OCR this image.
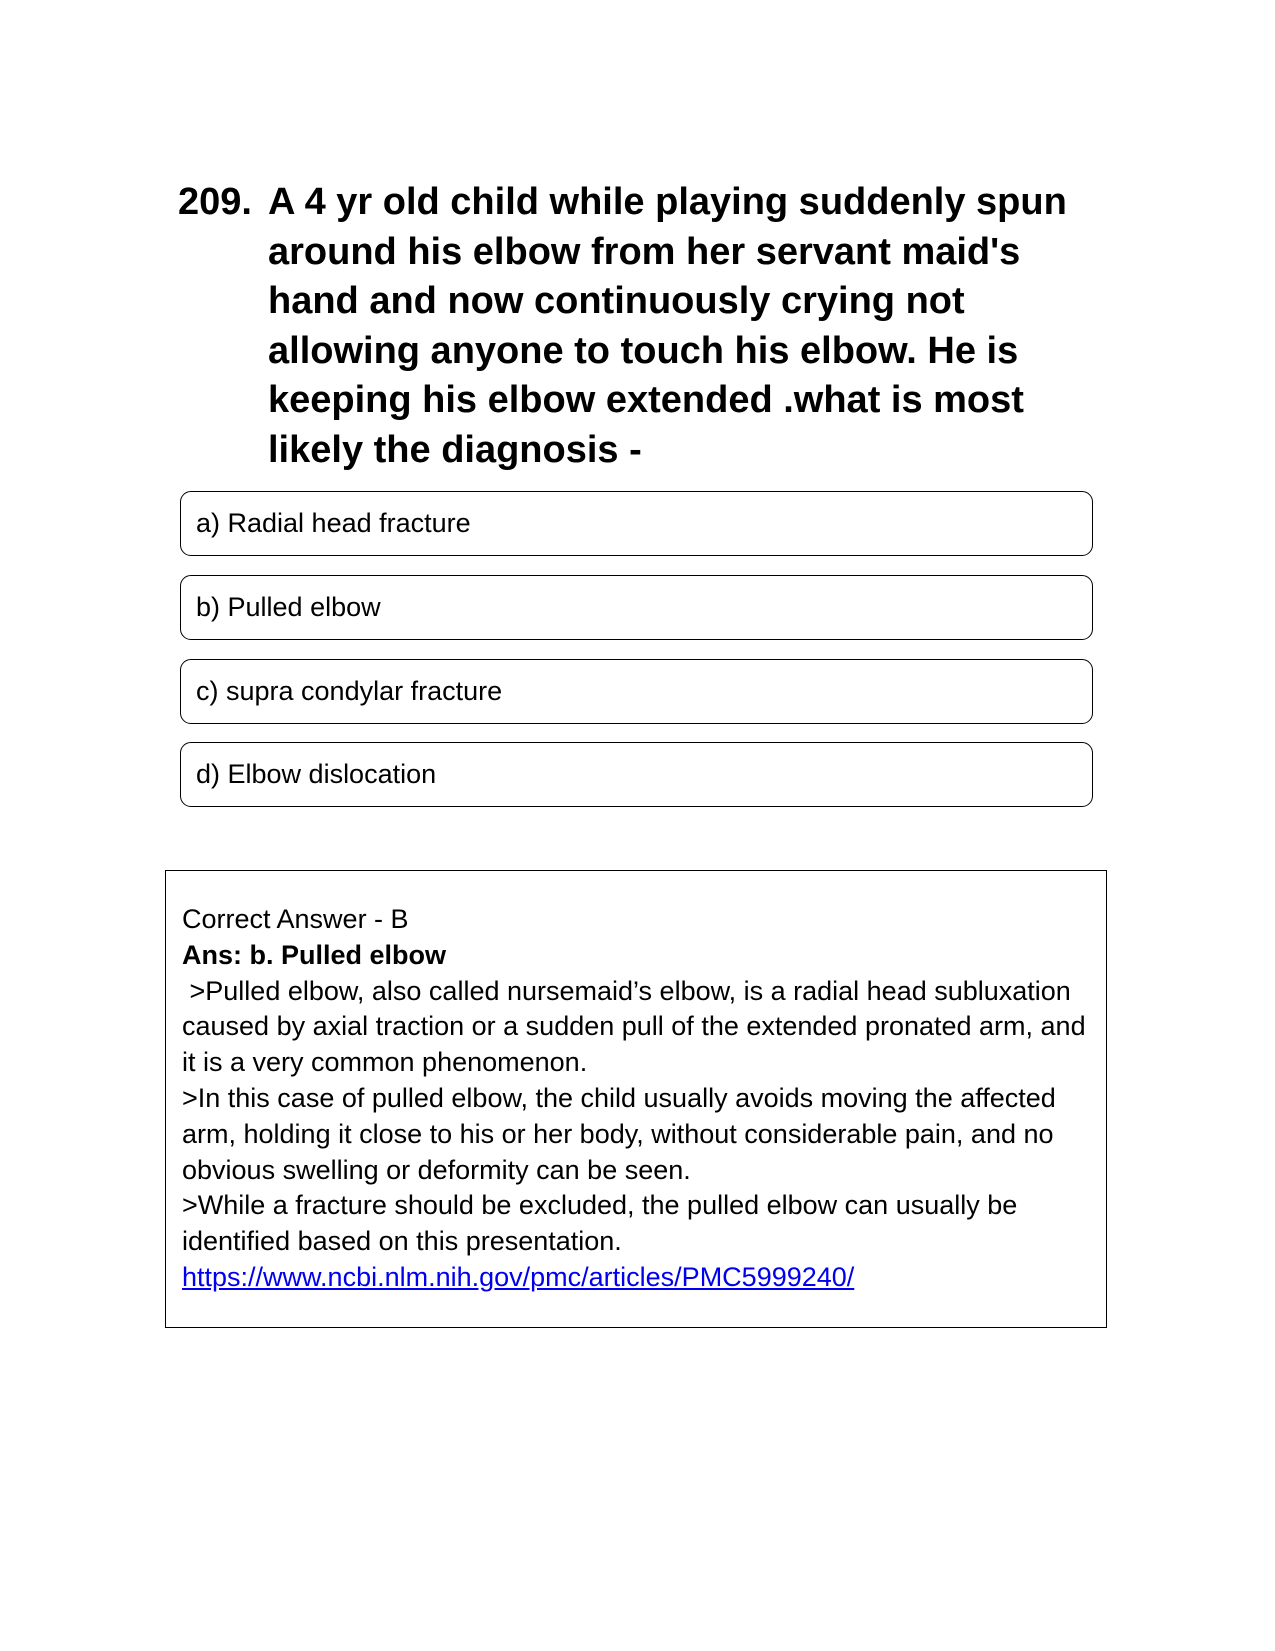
209. A 4 yr old child while playing suddenly spun around his elbow from her servant maid's hand and now continuously crying not allowing anyone to touch his elbow. He is keeping his elbow extended .what is most likely the diagnosis -
a) Radial head fracture
b) Pulled elbow
c) supra condylar fracture
d) Elbow dislocation
Correct Answer - B
Ans: b. Pulled elbow
>Pulled elbow, also called nursemaid’s elbow, is a radial head subluxation caused by axial traction or a sudden pull of the extended pronated arm, and it is a very common phenomenon.
>In this case of pulled elbow, the child usually avoids moving the affected arm, holding it close to his or her body, without considerable pain, and no obvious swelling or deformity can be seen.
>While a fracture should be excluded, the pulled elbow can usually be identified based on this presentation.
https://www.ncbi.nlm.nih.gov/pmc/articles/PMC5999240/
